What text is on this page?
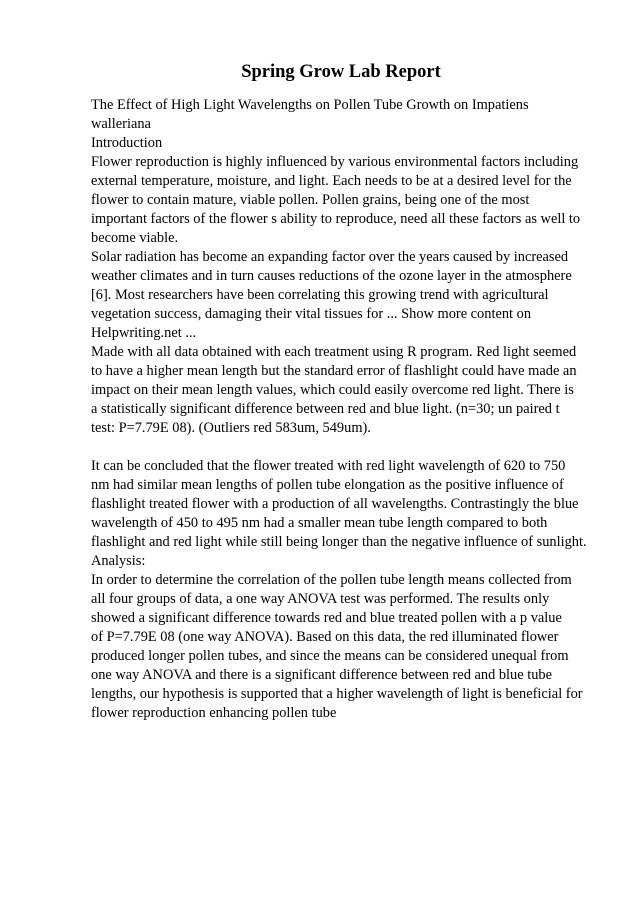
Spring Grow Lab Report
The Effect of High Light Wavelengths on Pollen Tube Growth on Impatiens
walleriana
Introduction
Flower reproduction is highly influenced by various environmental factors including
external temperature, moisture, and light. Each needs to be at a desired level for the
flower to contain mature, viable pollen. Pollen grains, being one of the most
important factors of the flower s ability to reproduce, need all these factors as well to
become viable.
Solar radiation has become an expanding factor over the years caused by increased
weather climates and in turn causes reductions of the ozone layer in the atmosphere
[6]. Most researchers have been correlating this growing trend with agricultural
vegetation success, damaging their vital tissues for ... Show more content on
Helpwriting.net ...
Made with all data obtained with each treatment using R program. Red light seemed
to have a higher mean length but the standard error of flashlight could have made an
impact on their mean length values, which could easily overcome red light. There is
a statistically significant difference between red and blue light. (n=30; un paired t
test: P=7.79E 08). (Outliers red 583um, 549um).
It can be concluded that the flower treated with red light wavelength of 620 to 750
nm had similar mean lengths of pollen tube elongation as the positive influence of
flashlight treated flower with a production of all wavelengths. Contrastingly the blue
wavelength of 450 to 495 nm had a smaller mean tube length compared to both
flashlight and red light while still being longer than the negative influence of sunlight.
Analysis:
In order to determine the correlation of the pollen tube length means collected from
all four groups of data, a one way ANOVA test was performed. The results only
showed a significant difference towards red and blue treated pollen with a p value
of P=7.79E 08 (one way ANOVA). Based on this data, the red illuminated flower
produced longer pollen tubes, and since the means can be considered unequal from
one way ANOVA and there is a significant difference between red and blue tube
lengths, our hypothesis is supported that a higher wavelength of light is beneficial for
flower reproduction enhancing pollen tube
